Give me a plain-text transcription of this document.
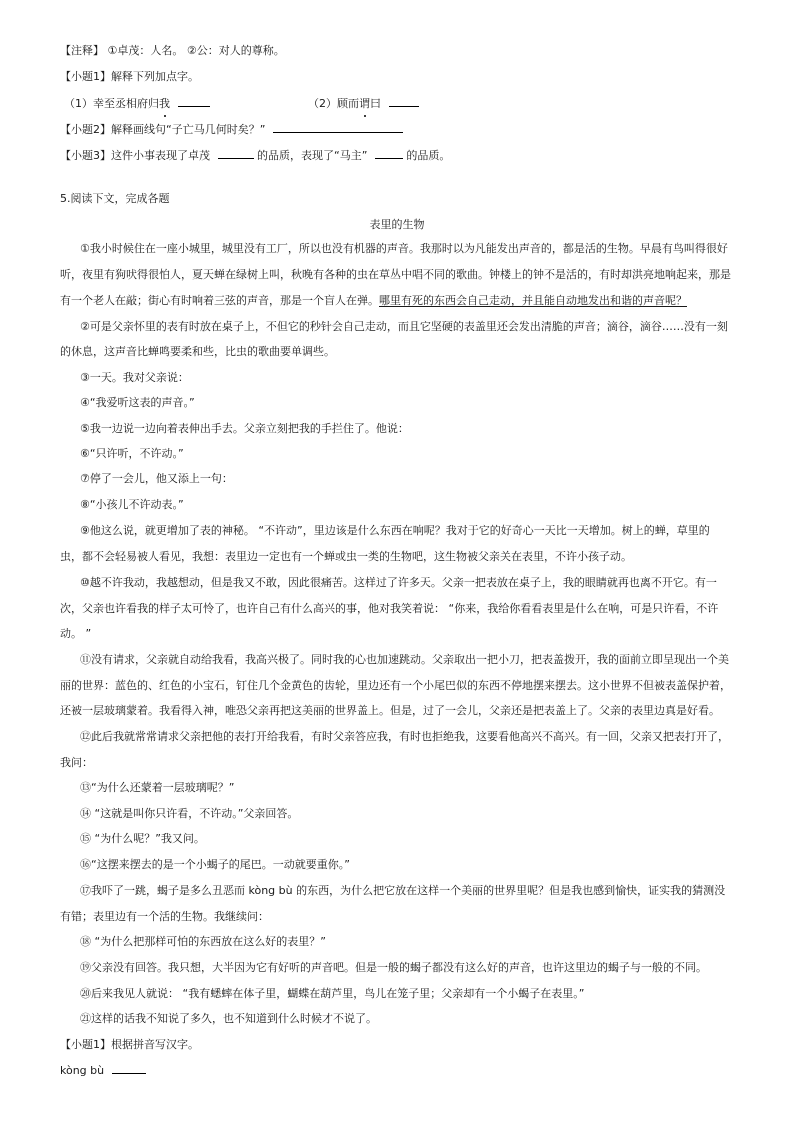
【注释】 ①卓茂：人名。 ②公：对人的尊称。
【小题1】解释下列加点字。
（1）幸至丞相府归我	（2）顾而谓曰
【小题2】解释画线句“子亡马几何时矣？”
【小题3】这件小事表现了卓茂	的品质，表现了“马主”	的品质。
5.阅读下文，完成各题
表里的生物
①我小时候住在一座小城里，城里没有工厂，所以也没有机器的声音。我那时以为凡能发出声音的，都是活的生物。早晨有鸟叫得很好
听，夜里有狗吠得很怕人，夏天蝉在绿树上叫，秋晚有各种的虫在草丛中唱不同的歌曲。钟楼上的钟不是活的，有时却洪亮地响起来，那是
有一个老人在敲；街心有时响着三弦的声音，那是一个盲人在弹。哪里有死的东西会自己走动，并且能自动地发出和谐的声音呢？
②可是父亲怀里的表有时放在桌子上，不但它的秒针会自己走动，而且它坚硬的表盖里还会发出清脆的声音；滴谷，滴谷……没有一刻
的休息，这声音比蝉鸣要柔和些，比虫的歌曲要单调些。
③一天。我对父亲说：
④“我爱听这表的声音。”
⑤我一边说一边向着表伸出手去。父亲立刻把我的手拦住了。他说：
⑥“只许听，不许动。”
⑦停了一会儿，他又添上一句：
⑧“小孩儿不许动表。”
⑨他这么说，就更增加了表的神秘。 “不许动”，里边该是什么东西在响呢？我对于它的好奇心一天比一天增加。树上的蝉，草里的
虫，都不会轻易被人看见，我想：表里边一定也有一个蝉或虫一类的生物吧，这生物被父亲关在表里，不许小孩子动。
⑩越不许我动，我越想动，但是我又不敢，因此很痛苦。这样过了许多天。父亲一把表放在桌子上，我的眼睛就再也离不开它。有一
次，父亲也许看我的样子太可怜了，也许自己有什么高兴的事，他对我笑着说： “你来，我给你看看表里是什么在响，可是只许看，不许
动。 ”
⑪没有请求，父亲就自动给我看，我高兴极了。同时我的心也加速跳动。父亲取出一把小刀，把表盖拨开，我的面前立即呈现出一个美
丽的世界：蓝色的、红色的小宝石，钉住几个金黄色的齿轮，里边还有一个小尾巴似的东西不停地摆来摆去。这小世界不但被表盖保护着，
还被一层玻璃蒙着。我看得入神，唯恐父亲再把这美丽的世界盖上。但是，过了一会儿，父亲还是把表盖上了。父亲的表里边真是好看。
⑫此后我就常常请求父亲把他的表打开给我看，有时父亲答应我，有时也拒绝我，这要看他高兴不高兴。有一回，父亲又把表打开了，
我问：
⑬“为什么还蒙着一层玻璃呢？”
⑭ “这就是叫你只许看，不许动。”父亲回答。
⑮ “为什么呢？”我又问。
⑯“这摆来摆去的是一个小蝎子的尾巴。一动就要重你。”
⑰我吓了一跳，蝎子是多么丑恶而 kòng bù 的东西，为什么把它放在这样一个美丽的世界里呢？但是我也感到愉快，证实我的猜测没
有错；表里边有一个活的生物。我继续问：
⑱ “为什么把那样可怕的东西放在这么好的表里？”
⑲父亲没有回答。我只想，大半因为它有好听的声音吧。但是一般的蝎子都没有这么好的声音，也许这里边的蝎子与一般的不同。
⑳后来我见人就说： “我有蟋蟀在体子里，蝴蝶在葫芦里，鸟儿在笼子里；父亲却有一个小蝎子在表里。”
㉑这样的话我不知说了多久，也不知道到什么时候才不说了。
【小题1】根据拼音写汉字。
kòng bù
